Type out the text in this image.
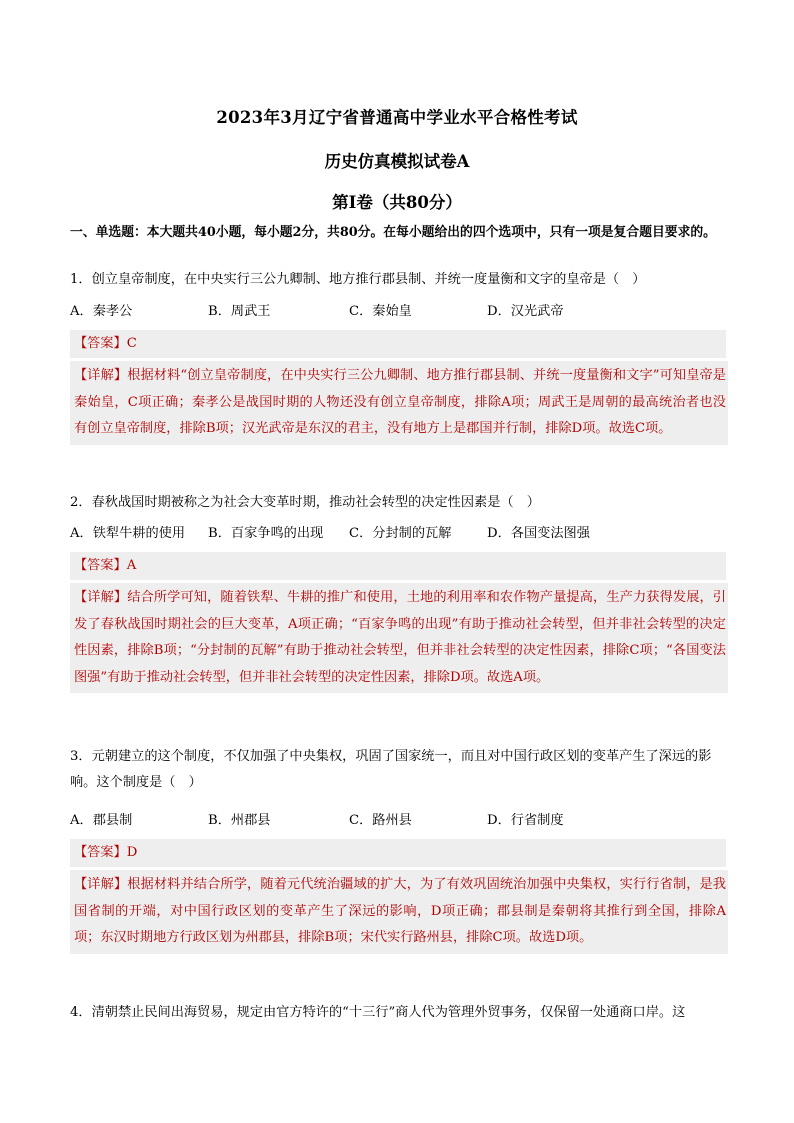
2023年3月辽宁省普通高中学业水平合格性考试
历史仿真模拟试卷A
第I卷（共80分）
一、单选题：本大题共40小题，每小题2分，共80分。在每小题给出的四个选项中，只有一项是复合题目要求的。
1．创立皇帝制度，在中央实行三公九卿制、地方推行郡县制、并统一度量衡和文字的皇帝是（　）
A．秦孝公	B．周武王	C．秦始皇	D．汉光武帝
【答案】C
【详解】根据材料“创立皇帝制度，在中央实行三公九卿制、地方推行郡县制、并统一度量衡和文字”可知皇帝是秦始皇，C项正确；秦孝公是战国时期的人物还没有创立皇帝制度，排除A项；周武王是周朝的最高统治者也没有创立皇帝制度，排除B项；汉光武帝是东汉的君主，没有地方上是郡国并行制，排除D项。故选C项。
2．春秋战国时期被称之为社会大变革时期，推动社会转型的决定性因素是（　）
A．铁犁牛耕的使用 B．百家争鸣的出现 C．分封制的瓦解	D．各国变法图强
【答案】A
【详解】结合所学可知，随着铁犁、牛耕的推广和使用，土地的利用率和农作物产量提高，生产力获得发展，引发了春秋战国时期社会的巨大变革，A项正确；“百家争鸣的出现”有助于推动社会转型，但并非社会转型的决定性因素，排除B项；“分封制的瓦解”有助于推动社会转型，但并非社会转型的决定性因素，排除C项；“各国变法图强”有助于推动社会转型，但并非社会转型的决定性因素，排除D项。故选A项。
3．元朝建立的这个制度，不仅加强了中央集权，巩固了国家统一，而且对中国行政区划的变革产生了深远的影响。这个制度是（　）
A．郡县制	B．州郡县	C．路州县	D．行省制度
【答案】D
【详解】根据材料并结合所学，随着元代统治疆域的扩大，为了有效巩固统治加强中央集权，实行行省制，是我国省制的开端，对中国行政区划的变革产生了深远的影响，D项正确；郡县制是秦朝将其推行到全国，排除A项；东汉时期地方行政区划为州郡县，排除B项；宋代实行路州县，排除C项。故选D项。
4．清朝禁止民间出海贸易，规定由官方特许的“十三行”商人代为管理外贸事务，仅保留一处通商口岸。这
